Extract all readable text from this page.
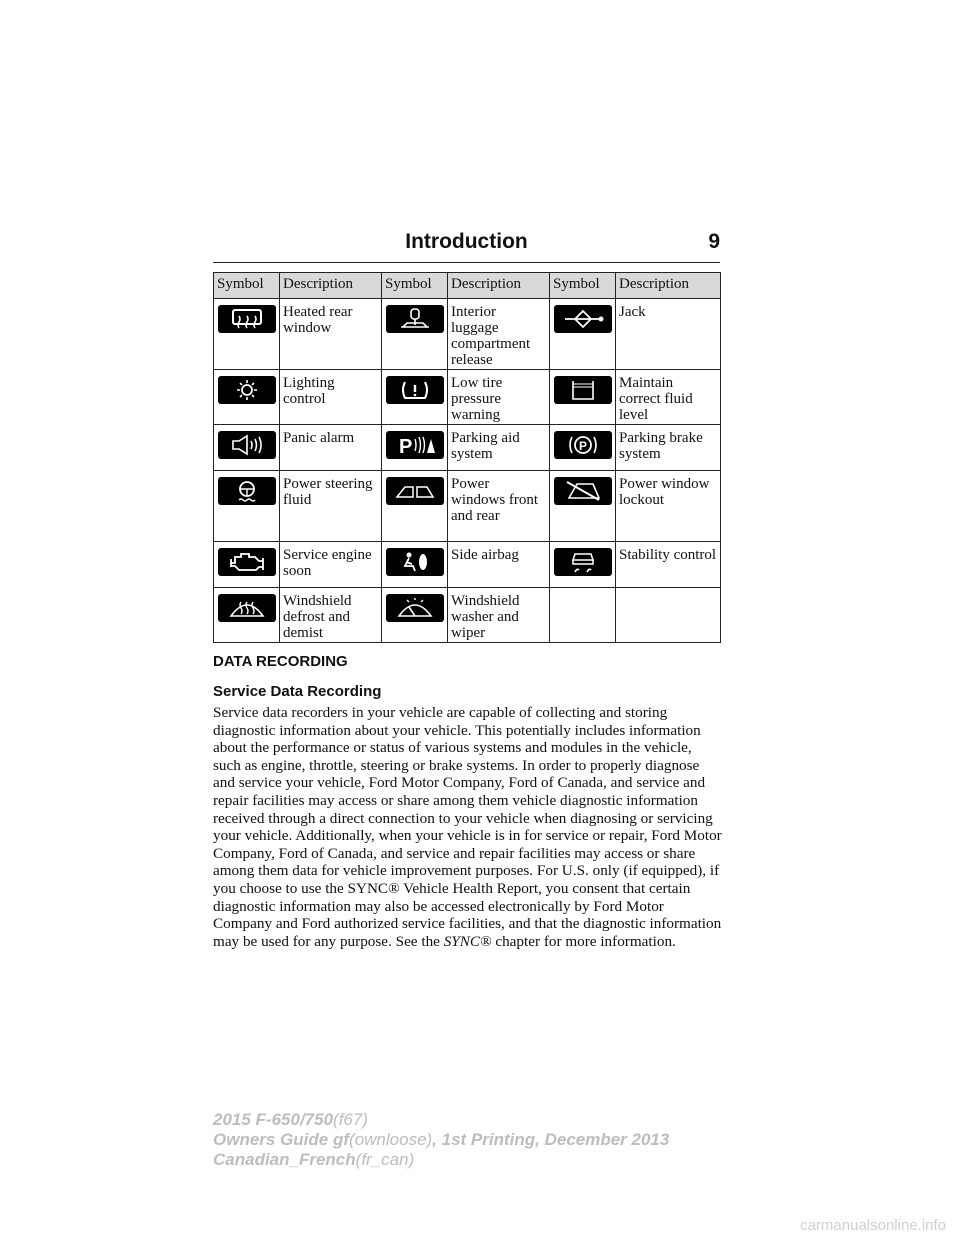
Introduction	9
Symbol	Description	Symbol	Description	Symbol	Description

	Heated rear window		Interior luggage compartment release		Jack

	Lighting control		Low tire pressure warning		Maintain correct fluid level

	Panic alarm	P	Parking aid system	P	Parking brake system

	Power steering fluid		Power windows front and rear		Power window lockout

	Service engine soon		Side airbag		Stability control

	Windshield defrost and demist		Windshield washer and wiper		
DATA RECORDING
Service Data Recording
Service data recorders in your vehicle are capable of collecting and storing diagnostic information about your vehicle. This potentially includes information about the performance or status of various systems and modules in the vehicle, such as engine, throttle, steering or brake systems. In order to properly diagnose and service your vehicle, Ford Motor Company, Ford of Canada, and service and repair facilities may access or share among them vehicle diagnostic information received through a direct connection to your vehicle when diagnosing or servicing your vehicle. Additionally, when your vehicle is in for service or repair, Ford Motor Company, Ford of Canada, and service and repair facilities may access or share among them data for vehicle improvement purposes. For U.S. only (if equipped), if you choose to use the SYNC® Vehicle Health Report, you consent that certain diagnostic information may also be accessed electronically by Ford Motor Company and Ford authorized service facilities, and that the diagnostic information may be used for any purpose. See the SYNC® chapter for more information.
2015 F-650/750(f67)
Owners Guide gf(ownloose), 1st Printing, December 2013
Canadian_French(fr_can)
carmanualsonline.info
